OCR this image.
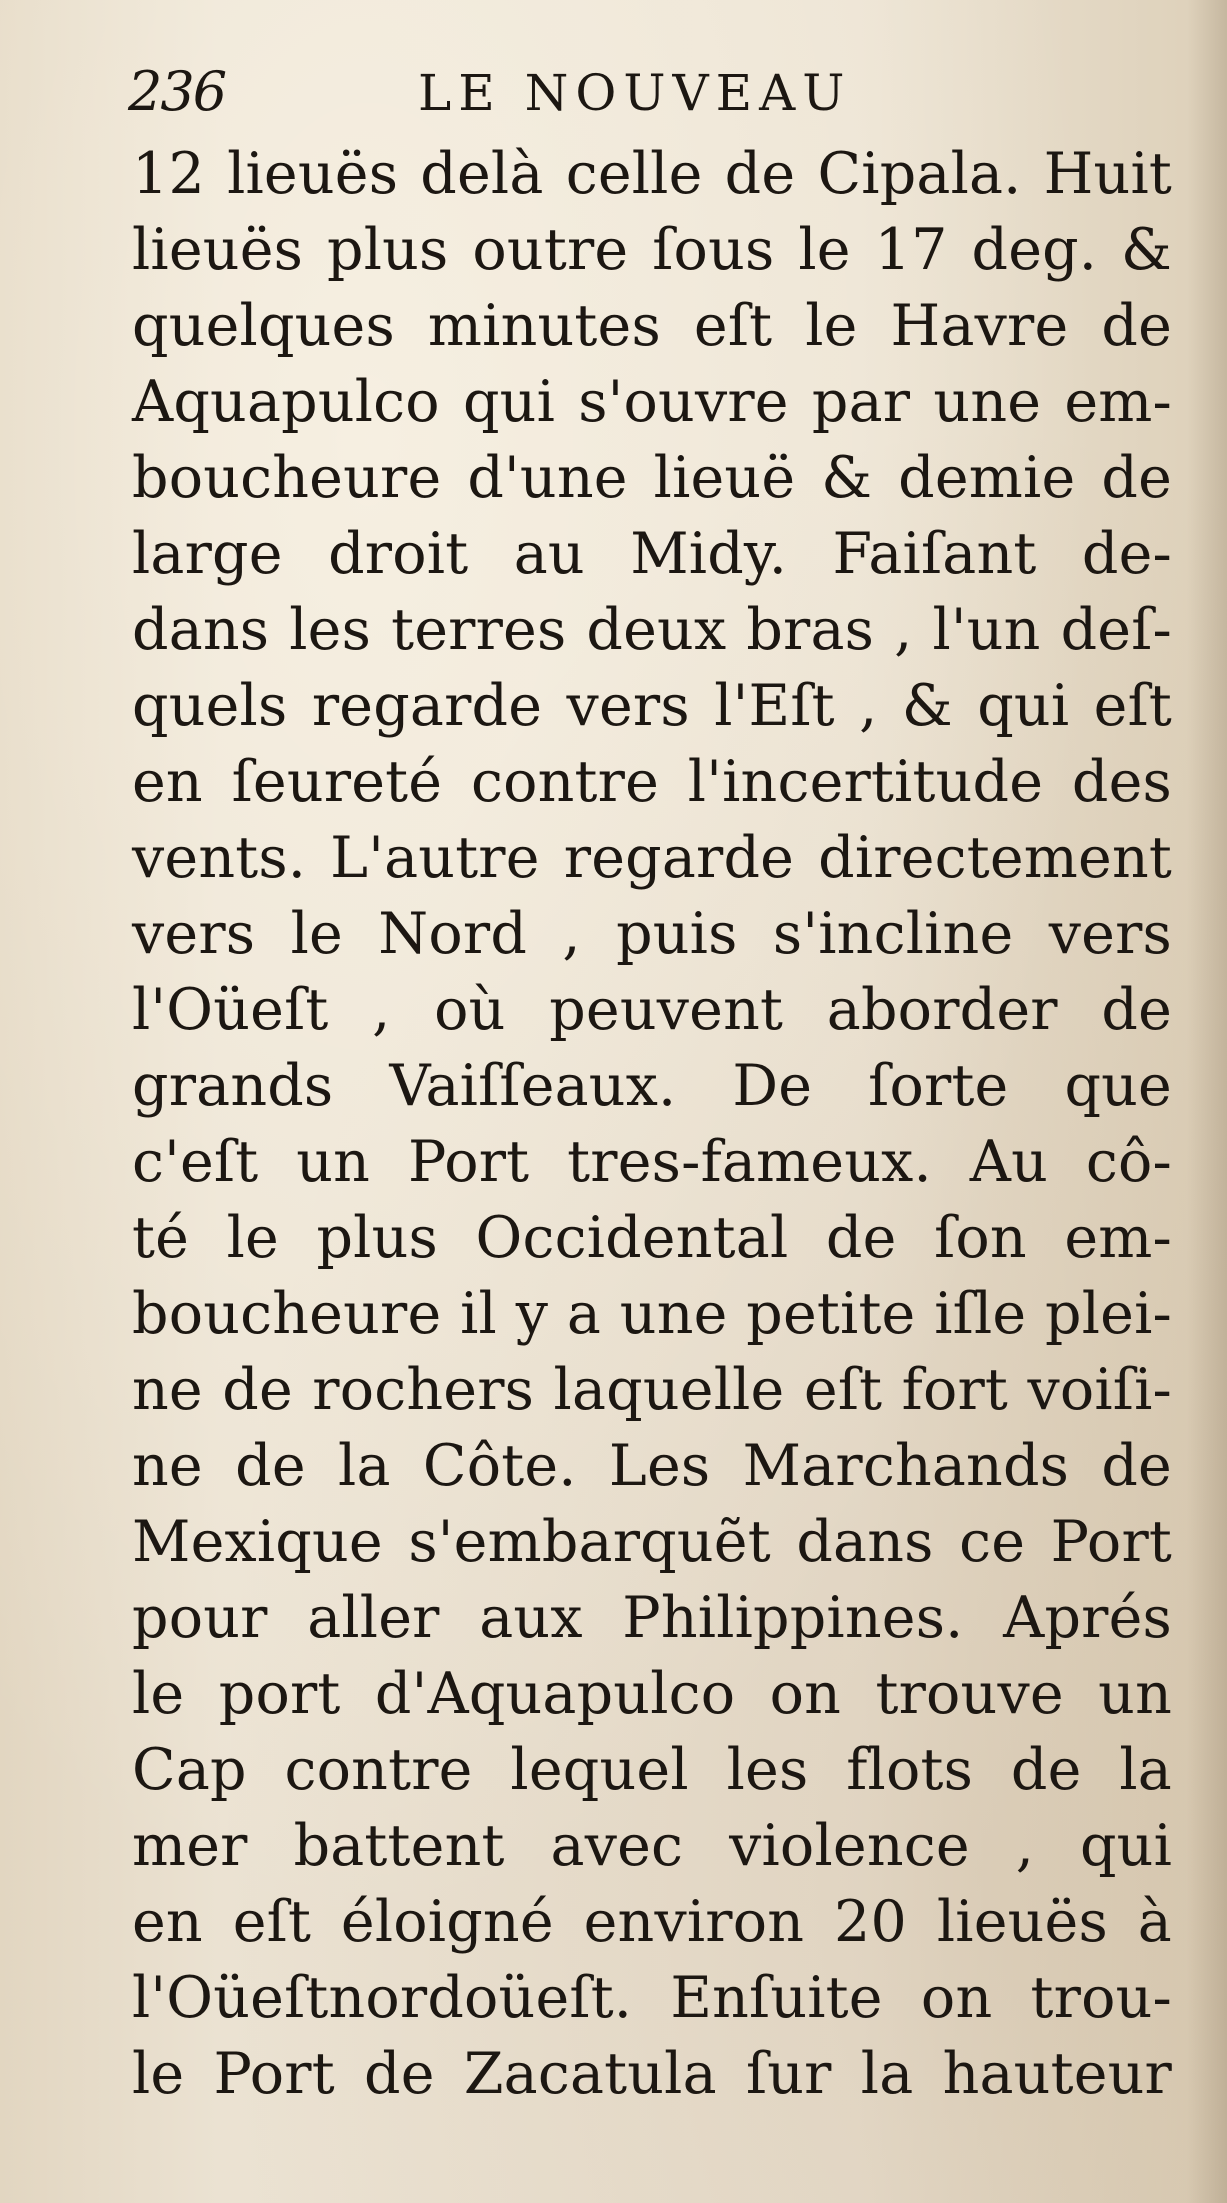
236	LE NOUVEAU
12 lieuës delà celle de Cipala. Huit
lieuës plus outre ſous le 17 deg. &
quelques minutes eſt le Havre de
Aquapulco qui s'ouvre par une em-
boucheure d'une lieuë & demie de
large droit au Midy. Faiſant de-
dans les terres deux bras , l'un deſ-
quels regarde vers l'Eſt , & qui eſt
en ſeureté contre l'incertitude des
vents. L'autre regarde directement
vers le Nord , puis s'incline vers
l'Oüeſt , où peuvent aborder de
grands Vaiſſeaux. De ſorte que
c'eſt un Port tres-fameux. Au cô-
té le plus Occidental de ſon em-
boucheure il y a une petite iſle plei-
ne de rochers laquelle eſt fort voiſi-
ne de la Côte. Les Marchands de
Mexique s'embarquẽt dans ce Port
pour aller aux Philippines. Aprés
le port d'Aquapulco on trouve un
Cap contre lequel les flots de la
mer battent avec violence , qui
en eſt éloigné environ 20 lieuës à
l'Oüeſtnordoüeſt. Enſuite on trou-
le Port de Zacatula ſur la hauteur
